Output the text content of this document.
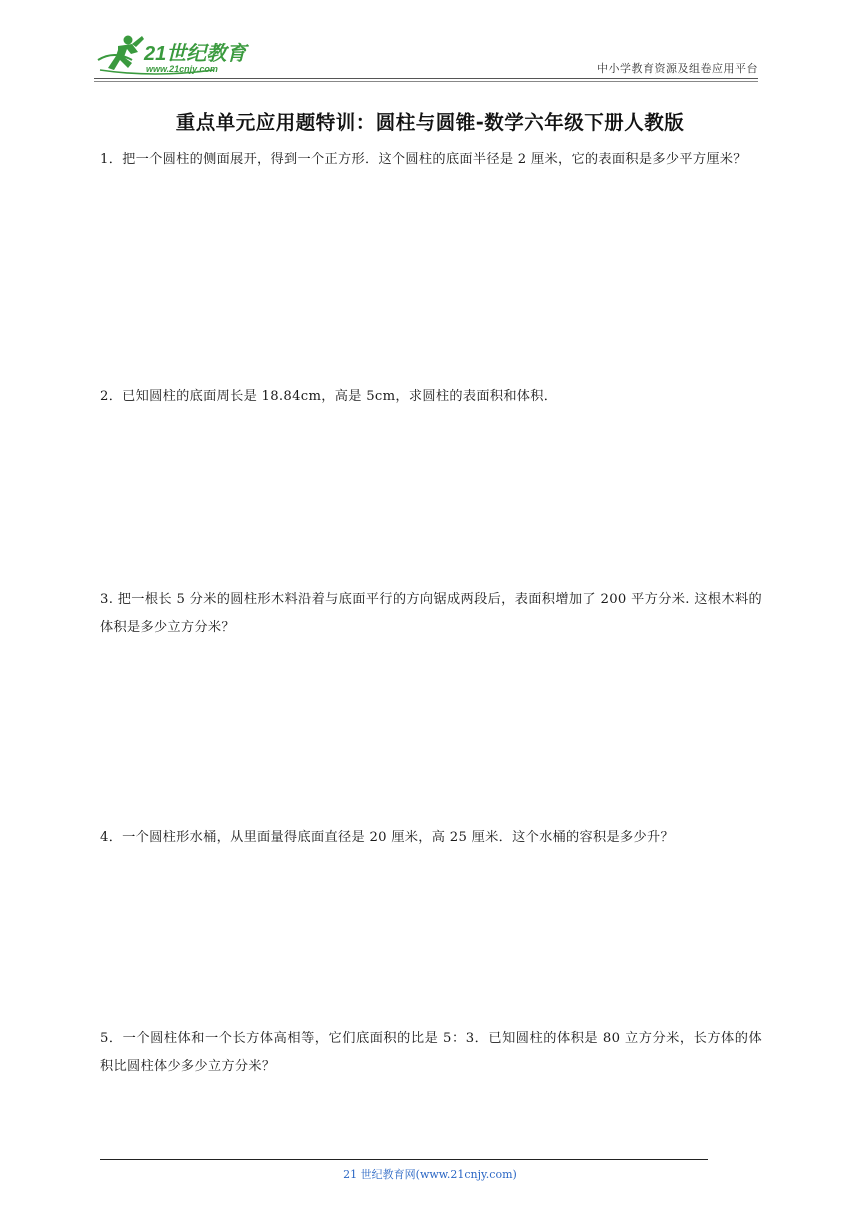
21世纪教育
www.21cnjy.com	中小学教育资源及组卷应用平台
重点单元应用题特训：圆柱与圆锥-数学六年级下册人教版
1．把一个圆柱的侧面展开，得到一个正方形．这个圆柱的底面半径是 2 厘米，它的表面积是多少平方厘米？
2．已知圆柱的底面周长是 18.84cm，高是 5cm，求圆柱的表面积和体积．
3. 把一根长 5 分米的圆柱形木料沿着与底面平行的方向锯成两段后，表面积增加了 200 平方分米. 这根木料的体积是多少立方分米？
4．一个圆柱形水桶，从里面量得底面直径是 20 厘米，高 25 厘米．这个水桶的容积是多少升？
5．一个圆柱体和一个长方体高相等，它们底面积的比是 5：3．已知圆柱的体积是 80 立方分米，长方体的体积比圆柱体少多少立方分米？
21 世纪教育网(www.21cnjy.com)
